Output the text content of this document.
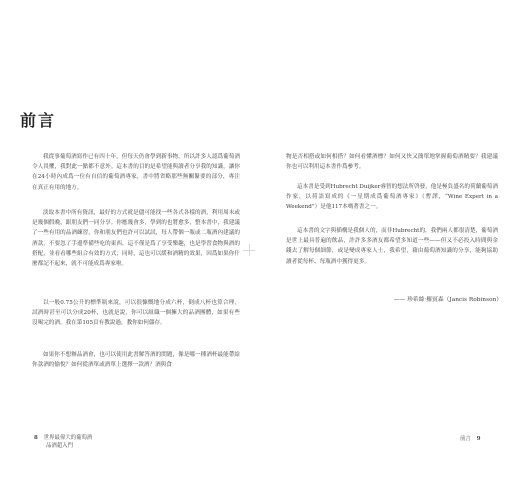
前言

我從事葡萄酒寫作已有四十年，但每天仍會學到新事物。所以許多人認爲葡萄酒令人畏懼，我對此一點都不意外。這本書的目的是希望能與讀者分享我的知識，讓你在24小時內成爲一位有自信的葡萄酒專家，書中將省略那些無關緊要的部分，專注在真正有用的地方。

淡取本書中所有資訊，最好的方式就是儘可能找一些各式各樣的酒，利用周末或是幾個假晚，跟朋友們一同分享。你應幾會多，學到的也將愈多，整本書中，我建議了一些有用的品酒練習，你和朋友們也許可以試試，每人帶個一瓶或二瓶酒內建議的酒款，不要忽了手邊準備些吃的東西，這不僅是爲了享受樂趣，也是學習食物與酒的搭配，並看看哪些組合有效的方式；同時，這也可以緩和酒精的效果，因爲如果你什麼都記不起來，就不可能成爲專家啦。

以一般0.75公升的標準瓶來說，可以很慷慨地分成六杯，倒成八杯也算合理，試酒時甚至可以分成20杯，也就是說，你可以組織一個擁大的品酒團體，如果有些沒喝完的酒，我在第105頁有教說過，教你如何儲存。

如果你不想辦品酒會，也可以使用此書解答酒的問題，像是哪一種酒杯最能帶給你款酒的愉悅？如何從酒單或酒單上選擇一款酒？酒與食

8 世界最偉大的葡萄酒
品酒超入門

物是否相搭或如何相搭？如何看懂酒標？如何又快又簡單地掌握葡萄酒精要？我建議你也可以利用這本書作爲參考。

這本書是受到Hubrecht Duijker睿智的想法所啓發，他是極負盛名的荷蘭葡萄酒作家，以荷語寫成的《一星期成爲葡萄酒專家》（暫譯，“Wine Expert in a Weekend”）是他117本嗎著書之一。

這本書的文字與插構是我個人的，而非Hubrecht的，我們兩人都很清楚，葡萄酒是世上最具普遍的飲品，許許多多酒友都希望多知道一些——但又不必投入時間與金錢去了解每個細節，或是變成專家人士，我希望，藉由葡萄酒知識的分享，能夠協助讀者從每杯、每瓶酒中獲得更多。

—— 珍希絲·羅賓森（Jancis Robinson）
前言 9
